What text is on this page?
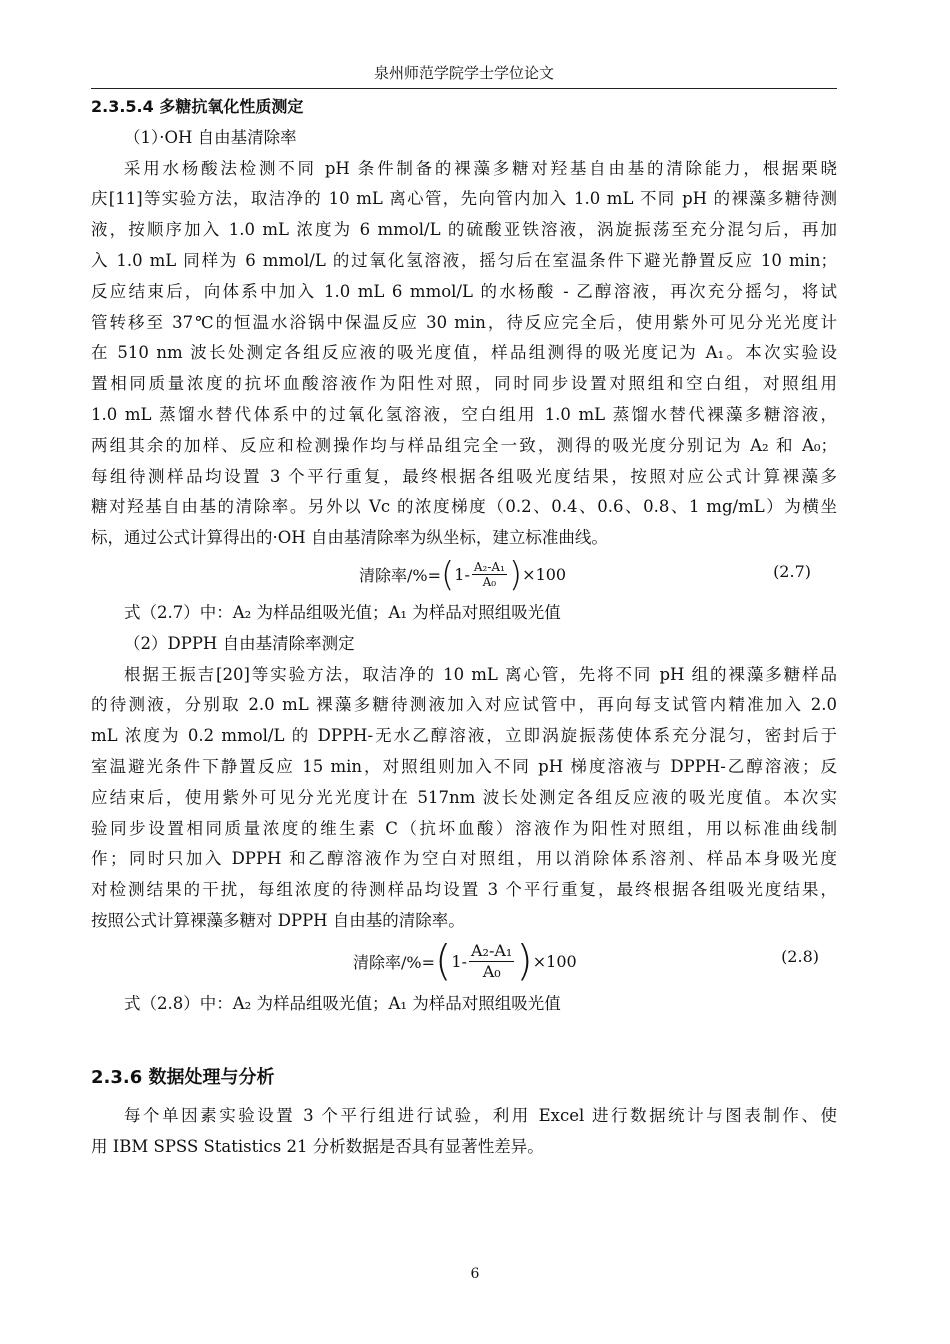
泉州师范学院学士学位论文
2.3.5.4 多糖抗氧化性质测定
（1）·OH 自由基清除率
采用水杨酸法检测不同 pH 条件制备的裸藻多糖对羟基自由基的清除能力，根据栗晓
庆[11]等实验方法，取洁净的 10 mL 离心管，先向管内加入 1.0 mL 不同 pH 的裸藻多糖待测
液，按顺序加入 1.0 mL 浓度为 6 mmol/L 的硫酸亚铁溶液，涡旋振荡至充分混匀后，再加
入 1.0 mL 同样为 6 mmol/L 的过氧化氢溶液，摇匀后在室温条件下避光静置反应 10 min；
反应结束后，向体系中加入 1.0 mL 6 mmol/L 的水杨酸 - 乙醇溶液，再次充分摇匀，将试
管转移至 37℃的恒温水浴锅中保温反应 30 min，待反应完全后，使用紫外可见分光光度计
在 510 nm 波长处测定各组反应液的吸光度值，样品组测得的吸光度记为 A₁。本次实验设
置相同质量浓度的抗坏血酸溶液作为阳性对照，同时同步设置对照组和空白组，对照组用
1.0 mL 蒸馏水替代体系中的过氧化氢溶液，空白组用 1.0 mL 蒸馏水替代裸藻多糖溶液，
两组其余的加样、反应和检测操作均与样品组完全一致，测得的吸光度分别记为 A₂ 和 A₀；
每组待测样品均设置 3 个平行重复，最终根据各组吸光度结果，按照对应公式计算裸藻多
糖对羟基自由基的清除率。另外以 Vc 的浓度梯度（0.2、0.4、0.6、0.8、1 mg/mL）为横坐
标，通过公式计算得出的·OH 自由基清除率为纵坐标，建立标准曲线。
清除率/%= ( $1- \frac{\text{A₂-A₁}}{\text{A₀}}$ ) ×100	(2.7)
式（2.7）中：A₂ 为样品组吸光值；A₁ 为样品对照组吸光值
（2）DPPH 自由基清除率测定
根据王振吉[20]等实验方法，取洁净的 10 mL 离心管，先将不同 pH 组的裸藻多糖样品
的待测液，分别取 2.0 mL 裸藻多糖待测液加入对应试管中，再向每支试管内精准加入 2.0
mL 浓度为 0.2 mmol/L 的 DPPH-无水乙醇溶液，立即涡旋振荡使体系充分混匀，密封后于
室温避光条件下静置反应 15 min，对照组则加入不同 pH 梯度溶液与 DPPH-乙醇溶液；反
应结束后，使用紫外可见分光光度计在 517nm 波长处测定各组反应液的吸光度值。本次实
验同步设置相同质量浓度的维生素 C（抗坏血酸）溶液作为阳性对照组，用以标准曲线制
作；同时只加入 DPPH 和乙醇溶液作为空白对照组，用以消除体系溶剂、样品本身吸光度
对检测结果的干扰，每组浓度的待测样品均设置 3 个平行重复，最终根据各组吸光度结果，
按照公式计算裸藻多糖对 DPPH 自由基的清除率。
清除率/%= ( $1- \frac{\text{A₂-A₁}}{\text{A₀}}$ ) ×100	(2.8)
式（2.8）中：A₂ 为样品组吸光值；A₁ 为样品对照组吸光值
2.3.6 数据处理与分析
每个单因素实验设置 3 个平行组进行试验，利用 Excel 进行数据统计与图表制作、使
用 IBM SPSS Statistics 21 分析数据是否具有显著性差异。
6
